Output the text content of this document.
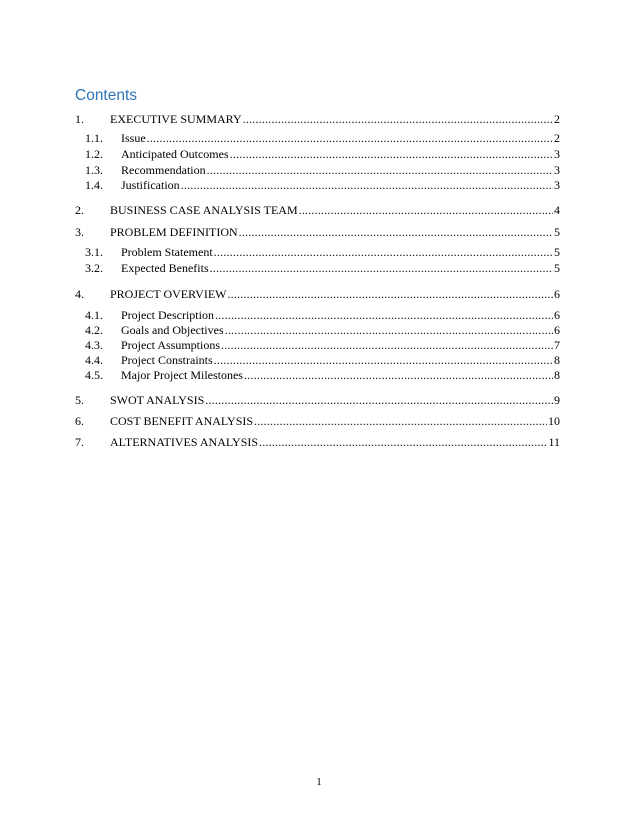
Contents
1.	EXECUTIVE SUMMARY .....	2
1.1.	Issue .....	2
1.2.	Anticipated Outcomes .....	3
1.3.	Recommendation .....	3
1.4.	Justification .....	3
2.	BUSINESS CASE ANALYSIS TEAM .....	4
3.	PROBLEM DEFINITION .....	5
3.1.	Problem Statement .....	5
3.2.	Expected Benefits .....	5
4.	PROJECT OVERVIEW .....	6
4.1.	Project Description .....	6
4.2.	Goals and Objectives .....	6
4.3.	Project Assumptions .....	7
4.4.	Project Constraints .....	8
4.5.	Major Project Milestones .....	8
5.	SWOT ANALYSIS .....	9
6.	COST BENEFIT ANALYSIS .....	10
7.	ALTERNATIVES ANALYSIS .....	11
1
